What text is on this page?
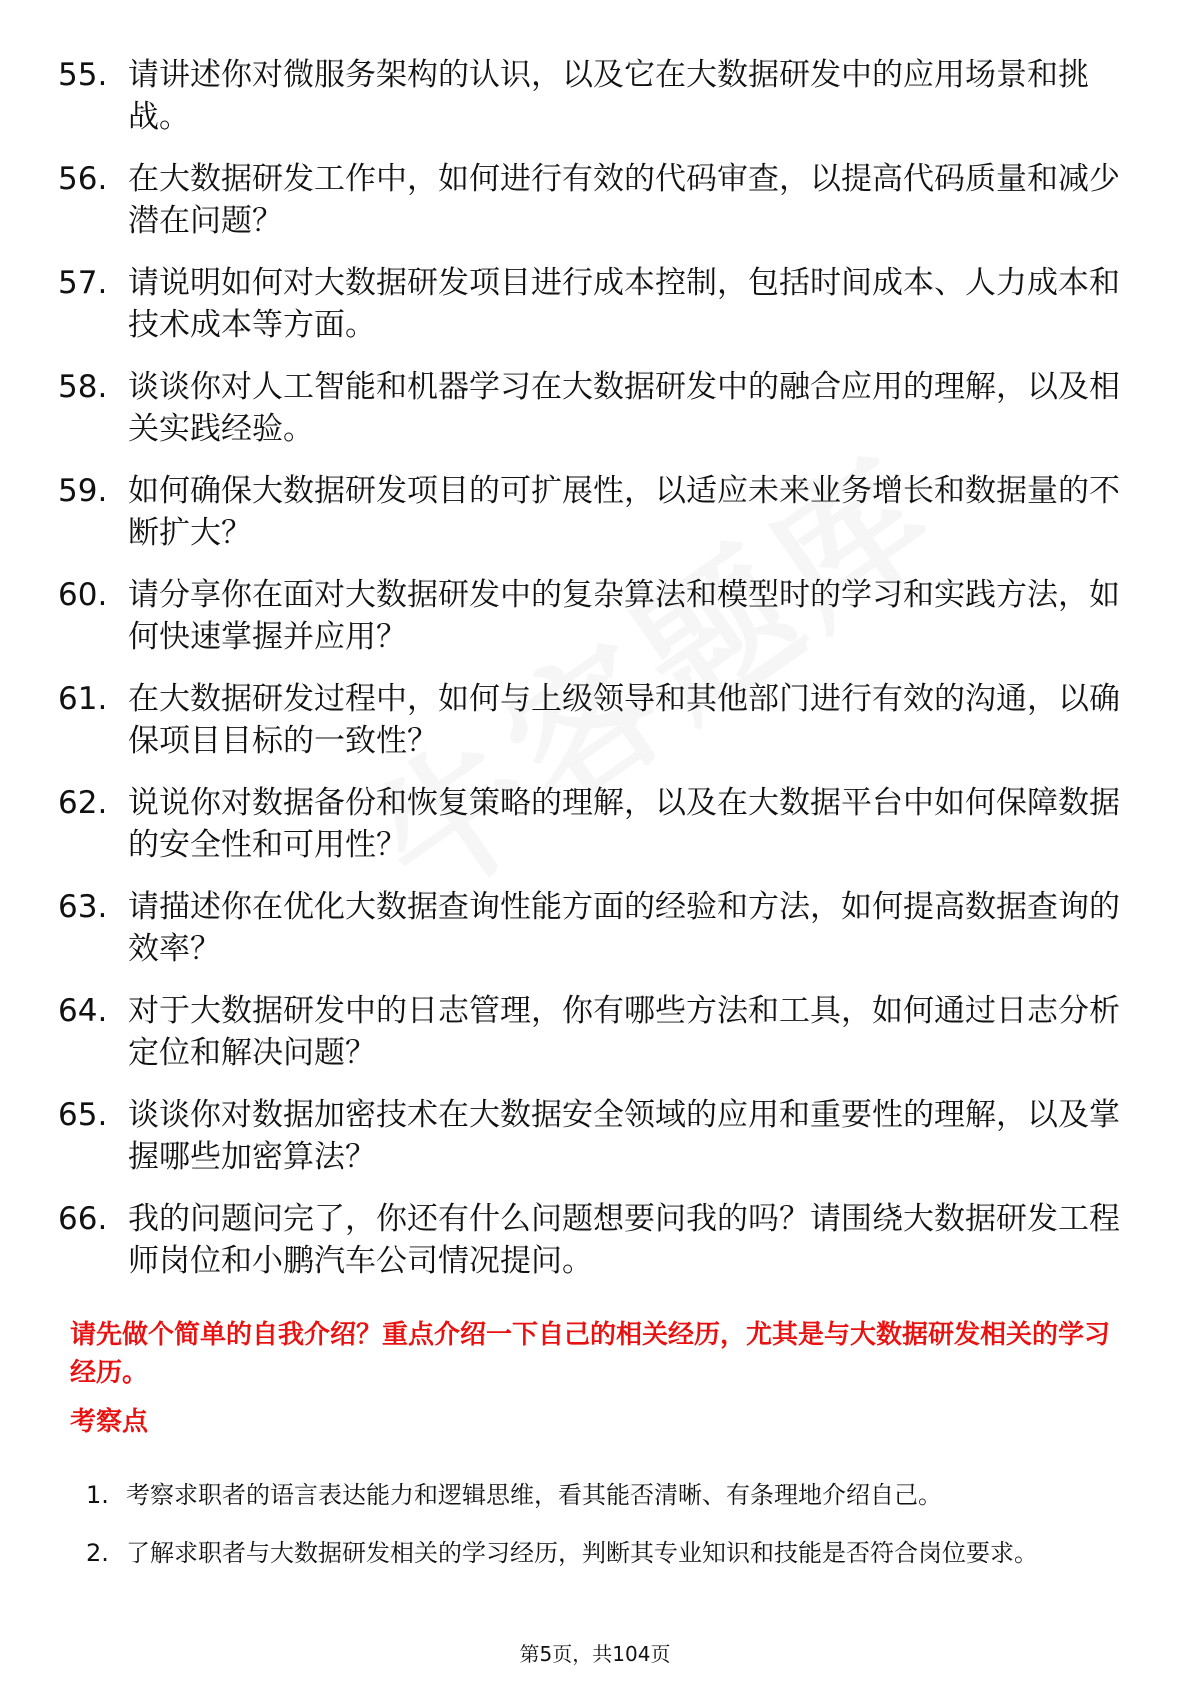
55. 请讲述你对微服务架构的认识，以及它在大数据研发中的应用场景和挑战。
56. 在大数据研发工作中，如何进行有效的代码审查，以提高代码质量和减少潜在问题？
57. 请说明如何对大数据研发项目进行成本控制，包括时间成本、人力成本和技术成本等方面。
58. 谈谈你对人工智能和机器学习在大数据研发中的融合应用的理解，以及相关实践经验。
59. 如何确保大数据研发项目的可扩展性，以适应未来业务增长和数据量的不断扩大？
60. 请分享你在面对大数据研发中的复杂算法和模型时的学习和实践方法，如何快速掌握并应用？
61. 在大数据研发过程中，如何与上级领导和其他部门进行有效的沟通，以确保项目目标的一致性？
62. 说说你对数据备份和恢复策略的理解，以及在大数据平台中如何保障数据的安全性和可用性？
63. 请描述你在优化大数据查询性能方面的经验和方法，如何提高数据查询的效率？
64. 对于大数据研发中的日志管理，你有哪些方法和工具，如何通过日志分析定位和解决问题？
65. 谈谈你对数据加密技术在大数据安全领域的应用和重要性的理解，以及掌握哪些加密算法？
66. 我的问题问完了，你还有什么问题想要问我的吗？请围绕大数据研发工程师岗位和小鹏汽车公司情况提问。
请先做个简单的自我介绍？重点介绍一下自己的相关经历，尤其是与大数据研发相关的学习经历。
考察点
1. 考察求职者的语言表达能力和逻辑思维，看其能否清晰、有条理地介绍自己。
2. 了解求职者与大数据研发相关的学习经历，判断其专业知识和技能是否符合岗位要求。
第5页，共104页
